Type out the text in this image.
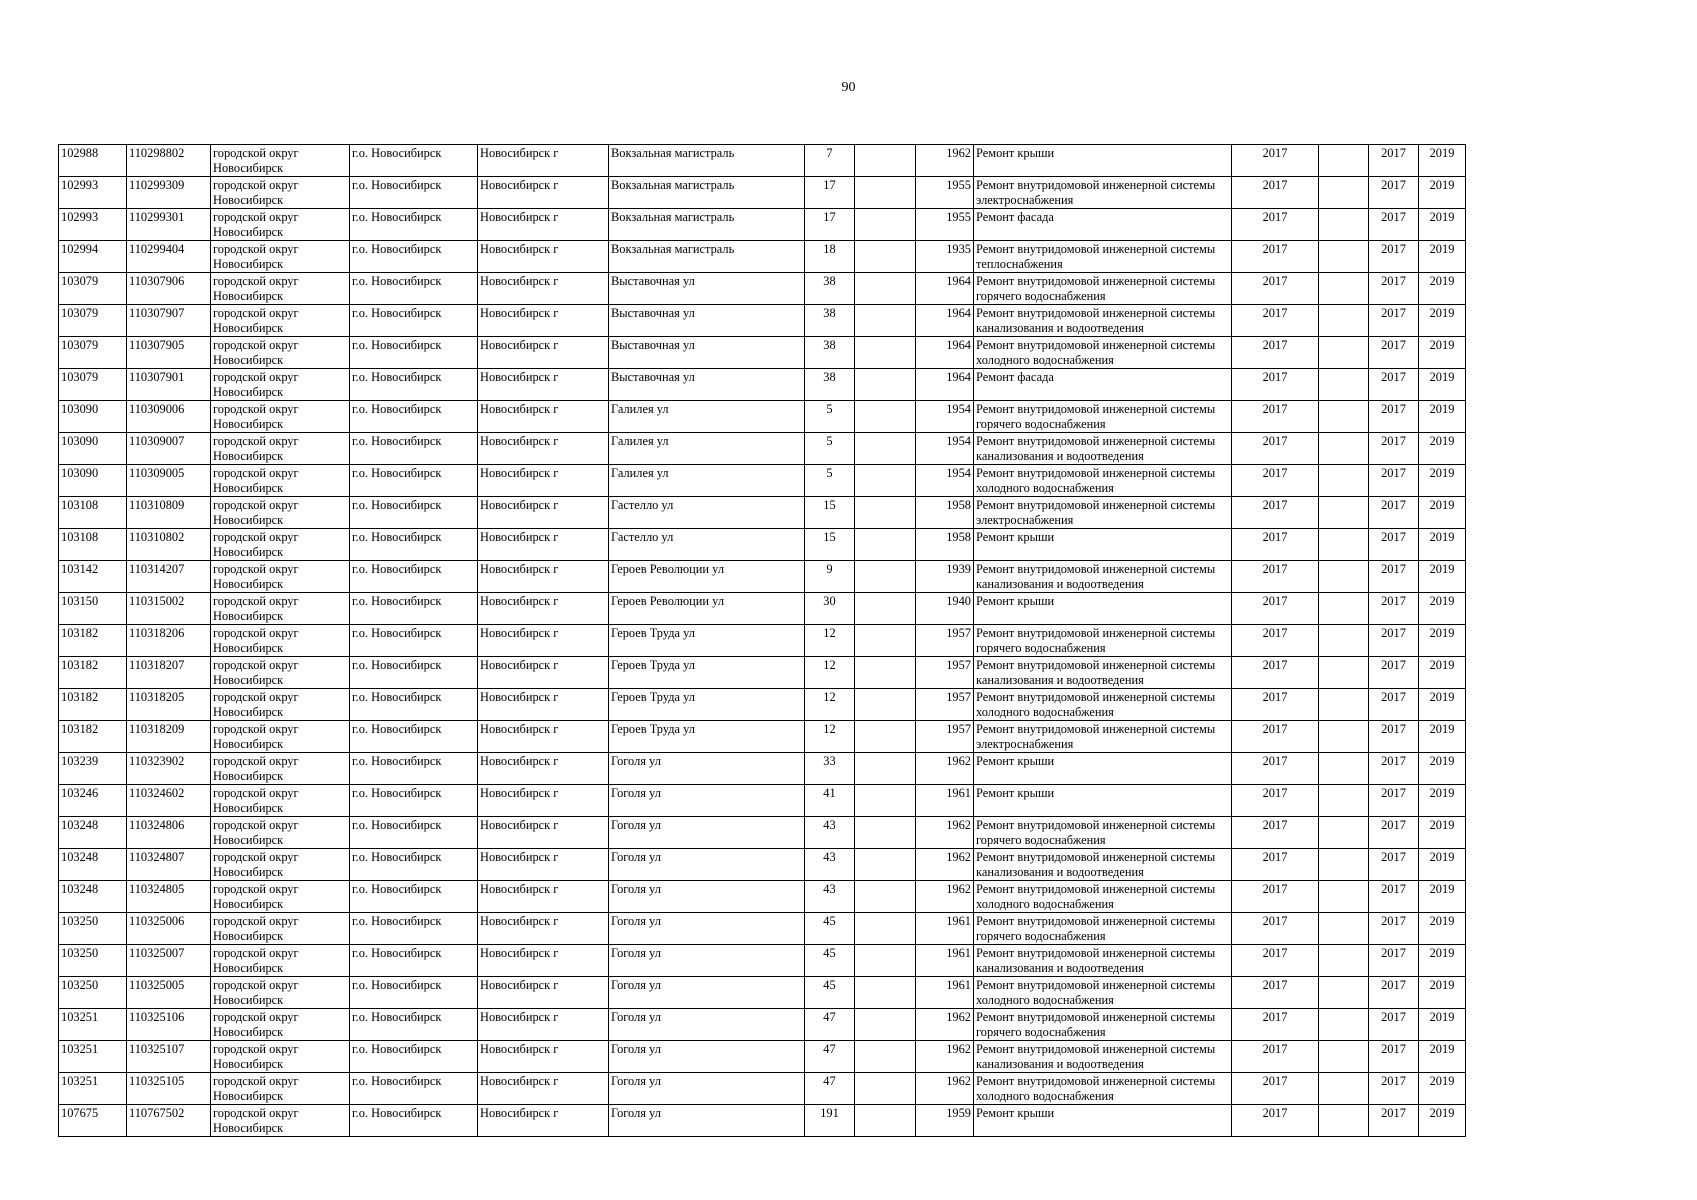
90
102988	110298802	городской округ Новосибирск	г.о. Новосибирск	Новосибирск г	Вокзальная магистраль	7		1962	Ремонт крыши	2017		2017	2019
102993	110299309	городской округ Новосибирск	г.о. Новосибирск	Новосибирск г	Вокзальная магистраль	17		1955	Ремонт внутридомовой инженерной системы электроснабжения	2017		2017	2019
102993	110299301	городской округ Новосибирск	г.о. Новосибирск	Новосибирск г	Вокзальная магистраль	17		1955	Ремонт фасада	2017		2017	2019
102994	110299404	городской округ Новосибирск	г.о. Новосибирск	Новосибирск г	Вокзальная магистраль	18		1935	Ремонт внутридомовой инженерной системы теплоснабжения	2017		2017	2019
103079	110307906	городской округ Новосибирск	г.о. Новосибирск	Новосибирск г	Выставочная ул	38		1964	Ремонт внутридомовой инженерной системы горячего водоснабжения	2017		2017	2019
103079	110307907	городской округ Новосибирск	г.о. Новосибирск	Новосибирск г	Выставочная ул	38		1964	Ремонт внутридомовой инженерной системы канализования и водоотведения	2017		2017	2019
103079	110307905	городской округ Новосибирск	г.о. Новосибирск	Новосибирск г	Выставочная ул	38		1964	Ремонт внутридомовой инженерной системы холодного водоснабжения	2017		2017	2019
103079	110307901	городской округ Новосибирск	г.о. Новосибирск	Новосибирск г	Выставочная ул	38		1964	Ремонт фасада	2017		2017	2019
103090	110309006	городской округ Новосибирск	г.о. Новосибирск	Новосибирск г	Галилея ул	5		1954	Ремонт внутридомовой инженерной системы горячего водоснабжения	2017		2017	2019
103090	110309007	городской округ Новосибирск	г.о. Новосибирск	Новосибирск г	Галилея ул	5		1954	Ремонт внутридомовой инженерной системы канализования и водоотведения	2017		2017	2019
103090	110309005	городской округ Новосибирск	г.о. Новосибирск	Новосибирск г	Галилея ул	5		1954	Ремонт внутридомовой инженерной системы холодного водоснабжения	2017		2017	2019
103108	110310809	городской округ Новосибирск	г.о. Новосибирск	Новосибирск г	Гастелло ул	15		1958	Ремонт внутридомовой инженерной системы электроснабжения	2017		2017	2019
103108	110310802	городской округ Новосибирск	г.о. Новосибирск	Новосибирск г	Гастелло ул	15		1958	Ремонт крыши	2017		2017	2019
103142	110314207	городской округ Новосибирск	г.о. Новосибирск	Новосибирск г	Героев Революции ул	9		1939	Ремонт внутридомовой инженерной системы канализования и водоотведения	2017		2017	2019
103150	110315002	городской округ Новосибирск	г.о. Новосибирск	Новосибирск г	Героев Революции ул	30		1940	Ремонт крыши	2017		2017	2019
103182	110318206	городской округ Новосибирск	г.о. Новосибирск	Новосибирск г	Героев Труда ул	12		1957	Ремонт внутридомовой инженерной системы горячего водоснабжения	2017		2017	2019
103182	110318207	городской округ Новосибирск	г.о. Новосибирск	Новосибирск г	Героев Труда ул	12		1957	Ремонт внутридомовой инженерной системы канализования и водоотведения	2017		2017	2019
103182	110318205	городской округ Новосибирск	г.о. Новосибирск	Новосибирск г	Героев Труда ул	12		1957	Ремонт внутридомовой инженерной системы холодного водоснабжения	2017		2017	2019
103182	110318209	городской округ Новосибирск	г.о. Новосибирск	Новосибирск г	Героев Труда ул	12		1957	Ремонт внутридомовой инженерной системы электроснабжения	2017		2017	2019
103239	110323902	городской округ Новосибирск	г.о. Новосибирск	Новосибирск г	Гоголя ул	33		1962	Ремонт крыши	2017		2017	2019
103246	110324602	городской округ Новосибирск	г.о. Новосибирск	Новосибирск г	Гоголя ул	41		1961	Ремонт крыши	2017		2017	2019
103248	110324806	городской округ Новосибирск	г.о. Новосибирск	Новосибирск г	Гоголя ул	43		1962	Ремонт внутридомовой инженерной системы горячего водоснабжения	2017		2017	2019
103248	110324807	городской округ Новосибирск	г.о. Новосибирск	Новосибирск г	Гоголя ул	43		1962	Ремонт внутридомовой инженерной системы канализования и водоотведения	2017		2017	2019
103248	110324805	городской округ Новосибирск	г.о. Новосибирск	Новосибирск г	Гоголя ул	43		1962	Ремонт внутридомовой инженерной системы холодного водоснабжения	2017		2017	2019
103250	110325006	городской округ Новосибирск	г.о. Новосибирск	Новосибирск г	Гоголя ул	45		1961	Ремонт внутридомовой инженерной системы горячего водоснабжения	2017		2017	2019
103250	110325007	городской округ Новосибирск	г.о. Новосибирск	Новосибирск г	Гоголя ул	45		1961	Ремонт внутридомовой инженерной системы канализования и водоотведения	2017		2017	2019
103250	110325005	городской округ Новосибирск	г.о. Новосибирск	Новосибирск г	Гоголя ул	45		1961	Ремонт внутридомовой инженерной системы холодного водоснабжения	2017		2017	2019
103251	110325106	городской округ Новосибирск	г.о. Новосибирск	Новосибирск г	Гоголя ул	47		1962	Ремонт внутридомовой инженерной системы горячего водоснабжения	2017		2017	2019
103251	110325107	городской округ Новосибирск	г.о. Новосибирск	Новосибирск г	Гоголя ул	47		1962	Ремонт внутридомовой инженерной системы канализования и водоотведения	2017		2017	2019
103251	110325105	городской округ Новосибирск	г.о. Новосибирск	Новосибирск г	Гоголя ул	47		1962	Ремонт внутридомовой инженерной системы холодного водоснабжения	2017		2017	2019
107675	110767502	городской округ Новосибирск	г.о. Новосибирск	Новосибирск г	Гоголя ул	191		1959	Ремонт крыши	2017		2017	2019
